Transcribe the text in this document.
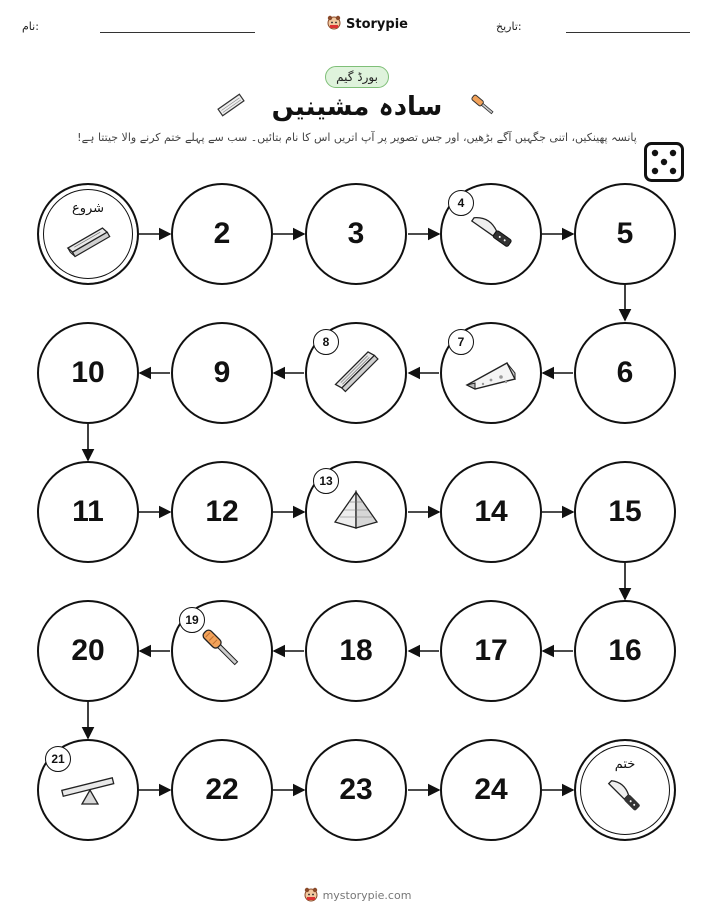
نام:	Storypie	تاریخ:
بورڈ گیم
سادہ مشینیں
پانسہ پھینکیں، اتنی جگہیں آگے بڑھیں، اور جس تصویر پر آپ اتریں اس کا نام بتائیں۔ سب سے پہلے ختم کرنے والا جیتتا ہے!
شروع
2	3
4
5
10	9
8	7
6
11	12
13
14	15
20
19
18	17	16
21
22	23	24
ختم
mystorypie.com
